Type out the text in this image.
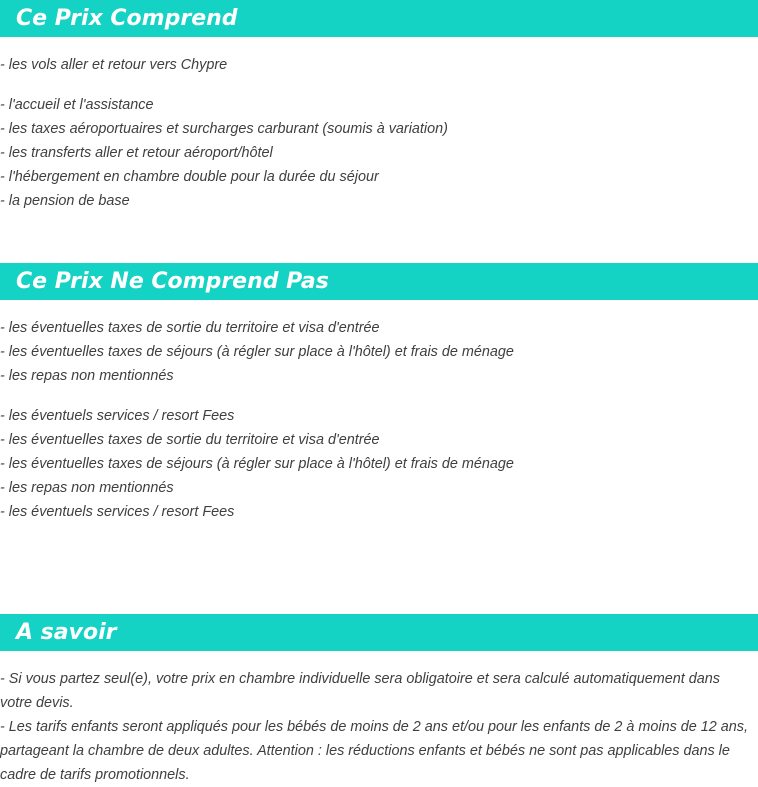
Ce Prix Comprend
- les vols aller et retour vers Chypre
- l'accueil et l'assistance
- les taxes aéroportuaires et surcharges carburant (soumis à variation)
- les transferts aller et retour aéroport/hôtel
- l'hébergement en chambre double pour la durée du séjour
- la pension de base
Ce Prix Ne Comprend Pas
- les éventuelles taxes de sortie du territoire et visa d'entrée
- les éventuelles taxes de séjours (à régler sur place à l'hôtel) et frais de ménage
- les repas non mentionnés
- les éventuels services / resort Fees
- les éventuelles taxes de sortie du territoire et visa d'entrée
- les éventuelles taxes de séjours (à régler sur place à l'hôtel) et frais de ménage
- les repas non mentionnés
- les éventuels services / resort Fees
A savoir
- Si vous partez seul(e), votre prix en chambre individuelle sera obligatoire et sera calculé automatiquement dans votre devis.
- Les tarifs enfants seront appliqués pour les bébés de moins de 2 ans et/ou pour les enfants de 2 à moins de 12 ans, partageant la chambre de deux adultes. Attention : les réductions enfants et bébés ne sont pas applicables dans le cadre de tarifs promotionnels.
